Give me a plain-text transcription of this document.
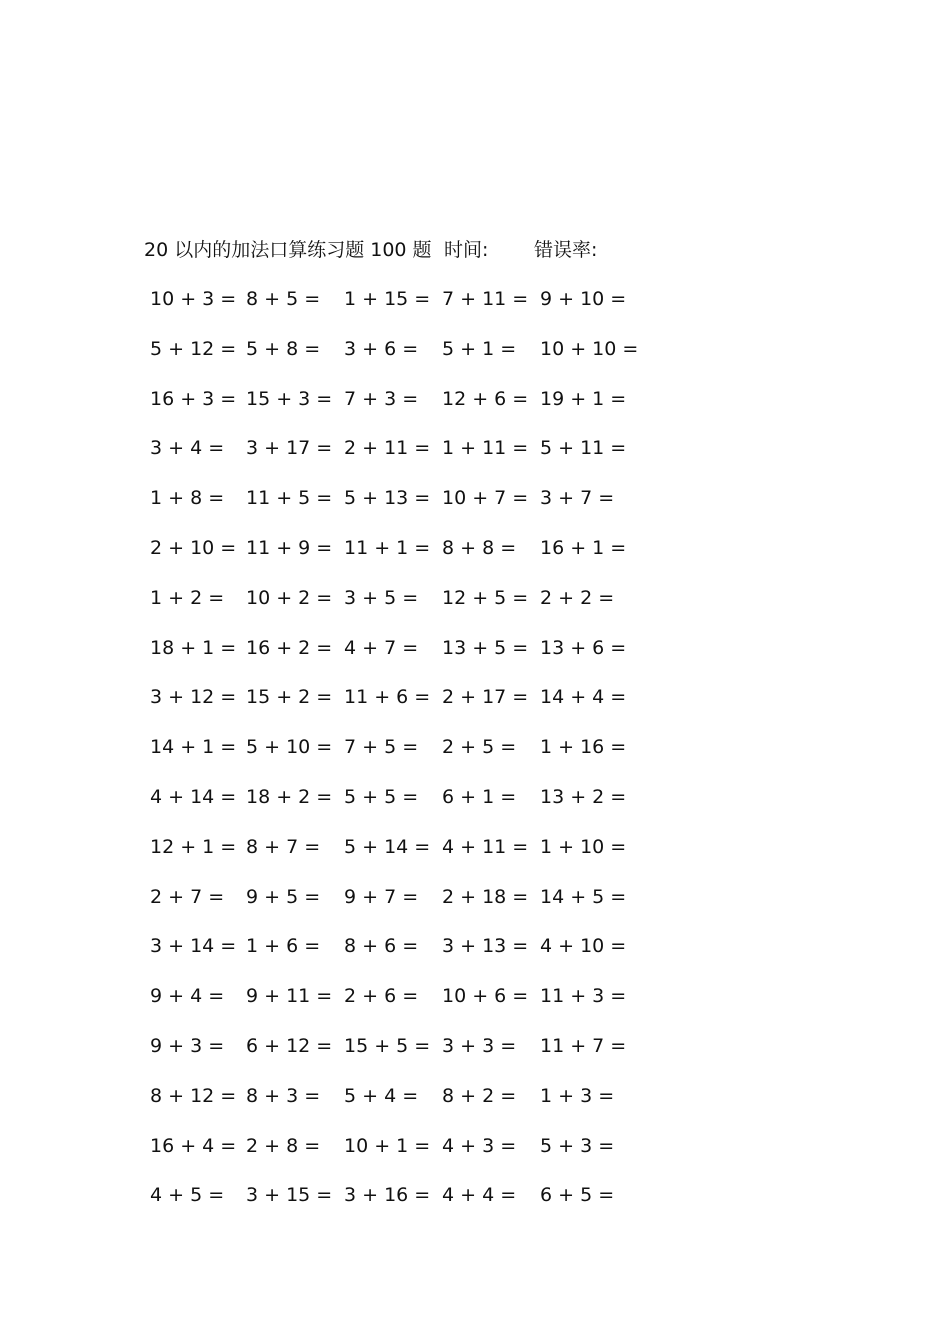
20 以内的加法口算练习题 100 题 时间: 错误率:
10 + 3 = 8 + 5 = 1 + 15 = 7 + 11 = 9 + 10 =
5 + 12 = 5 + 8 = 3 + 6 = 5 + 1 = 10 + 10 =
16 + 3 = 15 + 3 = 7 + 3 = 12 + 6 = 19 + 1 =
3 + 4 = 3 + 17 = 2 + 11 = 1 + 11 = 5 + 11 =
1 + 8 = 11 + 5 = 5 + 13 = 10 + 7 = 3 + 7 =
2 + 10 = 11 + 9 = 11 + 1 = 8 + 8 = 16 + 1 =
1 + 2 = 10 + 2 = 3 + 5 = 12 + 5 = 2 + 2 =
18 + 1 = 16 + 2 = 4 + 7 = 13 + 5 = 13 + 6 =
3 + 12 = 15 + 2 = 11 + 6 = 2 + 17 = 14 + 4 =
14 + 1 = 5 + 10 = 7 + 5 = 2 + 5 = 1 + 16 =
4 + 14 = 18 + 2 = 5 + 5 = 6 + 1 = 13 + 2 =
12 + 1 = 8 + 7 = 5 + 14 = 4 + 11 = 1 + 10 =
2 + 7 = 9 + 5 = 9 + 7 = 2 + 18 = 14 + 5 =
3 + 14 = 1 + 6 = 8 + 6 = 3 + 13 = 4 + 10 =
9 + 4 = 9 + 11 = 2 + 6 = 10 + 6 = 11 + 3 =
9 + 3 = 6 + 12 = 15 + 5 = 3 + 3 = 11 + 7 =
8 + 12 = 8 + 3 = 5 + 4 = 8 + 2 = 1 + 3 =
16 + 4 = 2 + 8 = 10 + 1 = 4 + 3 = 5 + 3 =
4 + 5 = 3 + 15 = 3 + 16 = 4 + 4 = 6 + 5 =
